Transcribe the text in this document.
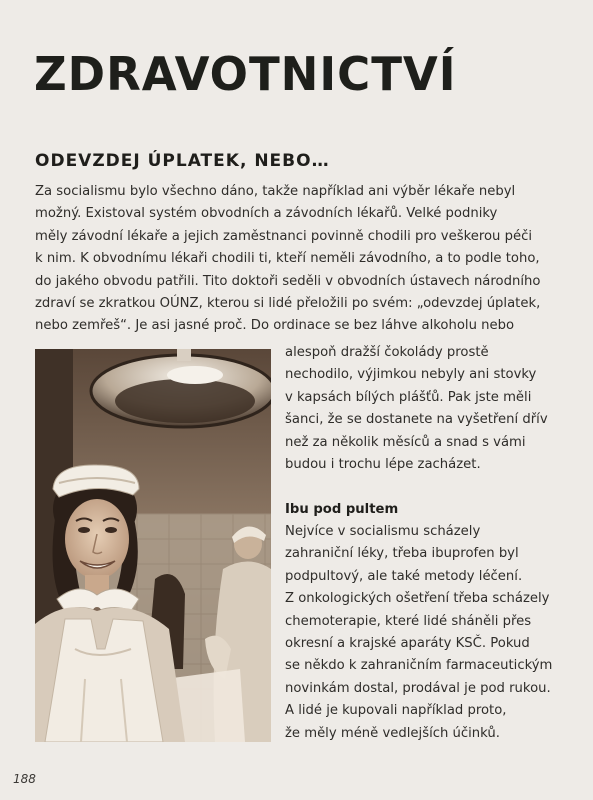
ZDRAVOTNICTVÍ
ODEVZDEJ ÚPLATEK, NEBO…
Za socialismu bylo všechno dáno, takže například ani výběr lékaře nebyl
možný. Existoval systém obvodních a závodních lékařů. Velké podniky
měly závodní lékaře a jejich zaměstnanci povinně chodili pro veškerou péči
k nim. K obvodnímu lékaři chodili ti, kteří neměli závodního, a to podle toho,
do jakého obvodu patřili. Tito doktoři seděli v obvodních ústavech národního
zdraví se zkratkou OÚNZ, kterou si lidé přeložili po svém: „odevzdej úplatek,
nebo zemřeš“. Je asi jasné proč. Do ordinace se bez láhve alkoholu nebo
alespoň dražší čokolády prostě
nechodilo, výjimkou nebyly ani stovky
v kapsách bílých plášťů. Pak jste měli
šanci, že se dostanete na vyšetření dřív
než za několik měsíců a snad s vámi
budou i trochu lépe zacházet.
Ibu pod pultem
Nejvíce v socialismu scházely
zahraniční léky, třeba ibuprofen byl
podpultový, ale také metody léčení.
Z onkologických ošetření třeba scházely
chemoterapie, které lidé sháněli přes
okresní a krajské aparáty KSČ. Pokud
se někdo k zahraničním farmaceutickým
novinkám dostal, prodával je pod rukou.
A lidé je kupovali například proto,
že měly méně vedlejších účinků.
188
